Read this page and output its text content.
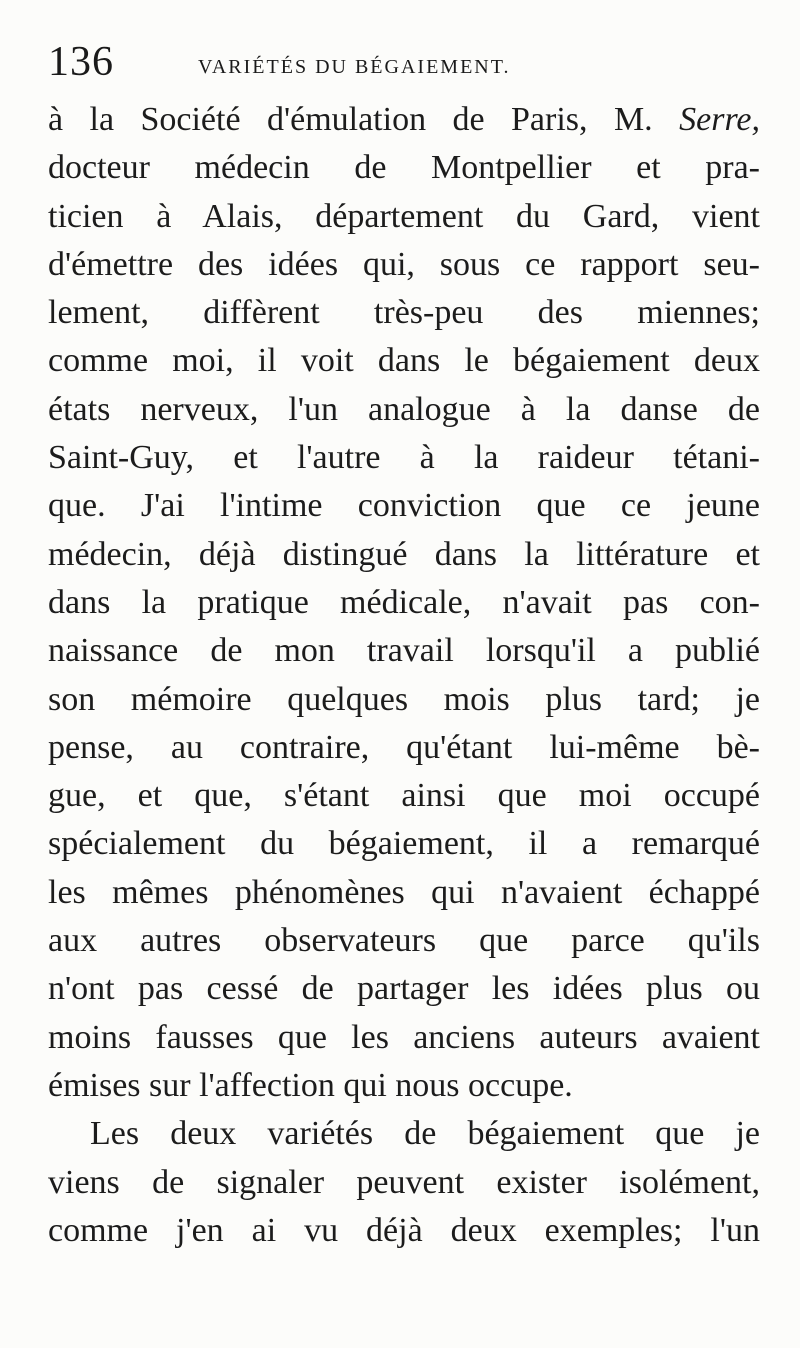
136	VARIÉTÉS DU BÉGAIEMENT.
à la Société d'émulation de Paris, M. Serre,
docteur médecin de Montpellier et pra-
ticien à Alais, département du Gard, vient
d'émettre des idées qui, sous ce rapport seu-
lement, diffèrent très-peu des miennes;
comme moi, il voit dans le bégaiement deux
états nerveux, l'un analogue à la danse de
Saint-Guy, et l'autre à la raideur tétani-
que. J'ai l'intime conviction que ce jeune
médecin, déjà distingué dans la littérature et
dans la pratique médicale, n'avait pas con-
naissance de mon travail lorsqu'il a publié
son mémoire quelques mois plus tard; je
pense, au contraire, qu'étant lui-même bè-
gue, et que, s'étant ainsi que moi occupé
spécialement du bégaiement, il a remarqué
les mêmes phénomènes qui n'avaient échappé
aux autres observateurs que parce qu'ils
n'ont pas cessé de partager les idées plus ou
moins fausses que les anciens auteurs avaient
émises sur l'affection qui nous occupe.
Les deux variétés de bégaiement que je
viens de signaler peuvent exister isolément,
comme j'en ai vu déjà deux exemples; l'un
